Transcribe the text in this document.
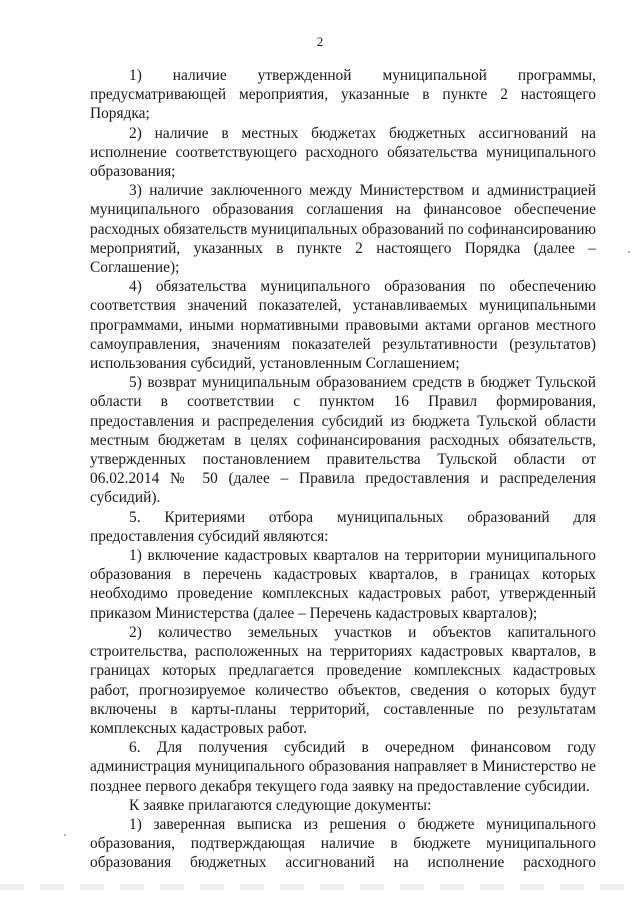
2

1)      наличие      утвержденной      муниципальной      программы, предусматривающей мероприятия, указанные в пункте 2 настоящего Порядка;

2) наличие в местных бюджетах бюджетных ассигнований на исполнение соответствующего расходного обязательства муниципального образования;

3) наличие заключенного между Министерством и администрацией муниципального образования соглашения на финансовое обеспечение расходных обязательств муниципальных образований по софинансированию мероприятий, указанных в пункте 2 настоящего Порядка (далее – Соглашение);

4) обязательства муниципального образования по обеспечению соответствия значений показателей, устанавливаемых муниципальными программами, иными нормативными правовыми актами органов местного самоуправления, значениям показателей результативности (результатов) использования субсидий, установленным Соглашением;

5) возврат муниципальным образованием средств в бюджет Тульской области в соответствии с пунктом 16 Правил формирования, предоставления и распределения субсидий из бюджета Тульской области местным бюджетам в целях софинансирования расходных обязательств, утвержденных постановлением правительства Тульской области от 06.02.2014 № 50 (далее – Правила предоставления и распределения субсидий).

5. Критериями отбора муниципальных образований для предоставления субсидий являются:

1) включение кадастровых кварталов на территории муниципального образования в перечень кадастровых кварталов, в границах которых необходимо проведение комплексных кадастровых работ, утвержденный приказом Министерства (далее – Перечень кадастровых кварталов);

2) количество земельных участков и объектов капитального строительства, расположенных на территориях кадастровых кварталов, в границах которых предлагается проведение комплексных кадастровых работ, прогнозируемое количество объектов, сведения о которых будут включены в карты-планы территорий, составленные по результатам комплексных кадастровых работ.

6. Для получения субсидий в очередном финансовом году администрация муниципального образования направляет в Министерство не позднее первого декабря текущего года заявку на предоставление субсидии.

К заявке прилагаются следующие документы:

1) заверенная выписка из решения о бюджете муниципального образования, подтверждающая наличие в бюджете муниципального образования бюджетных ассигнований на исполнение расходного
